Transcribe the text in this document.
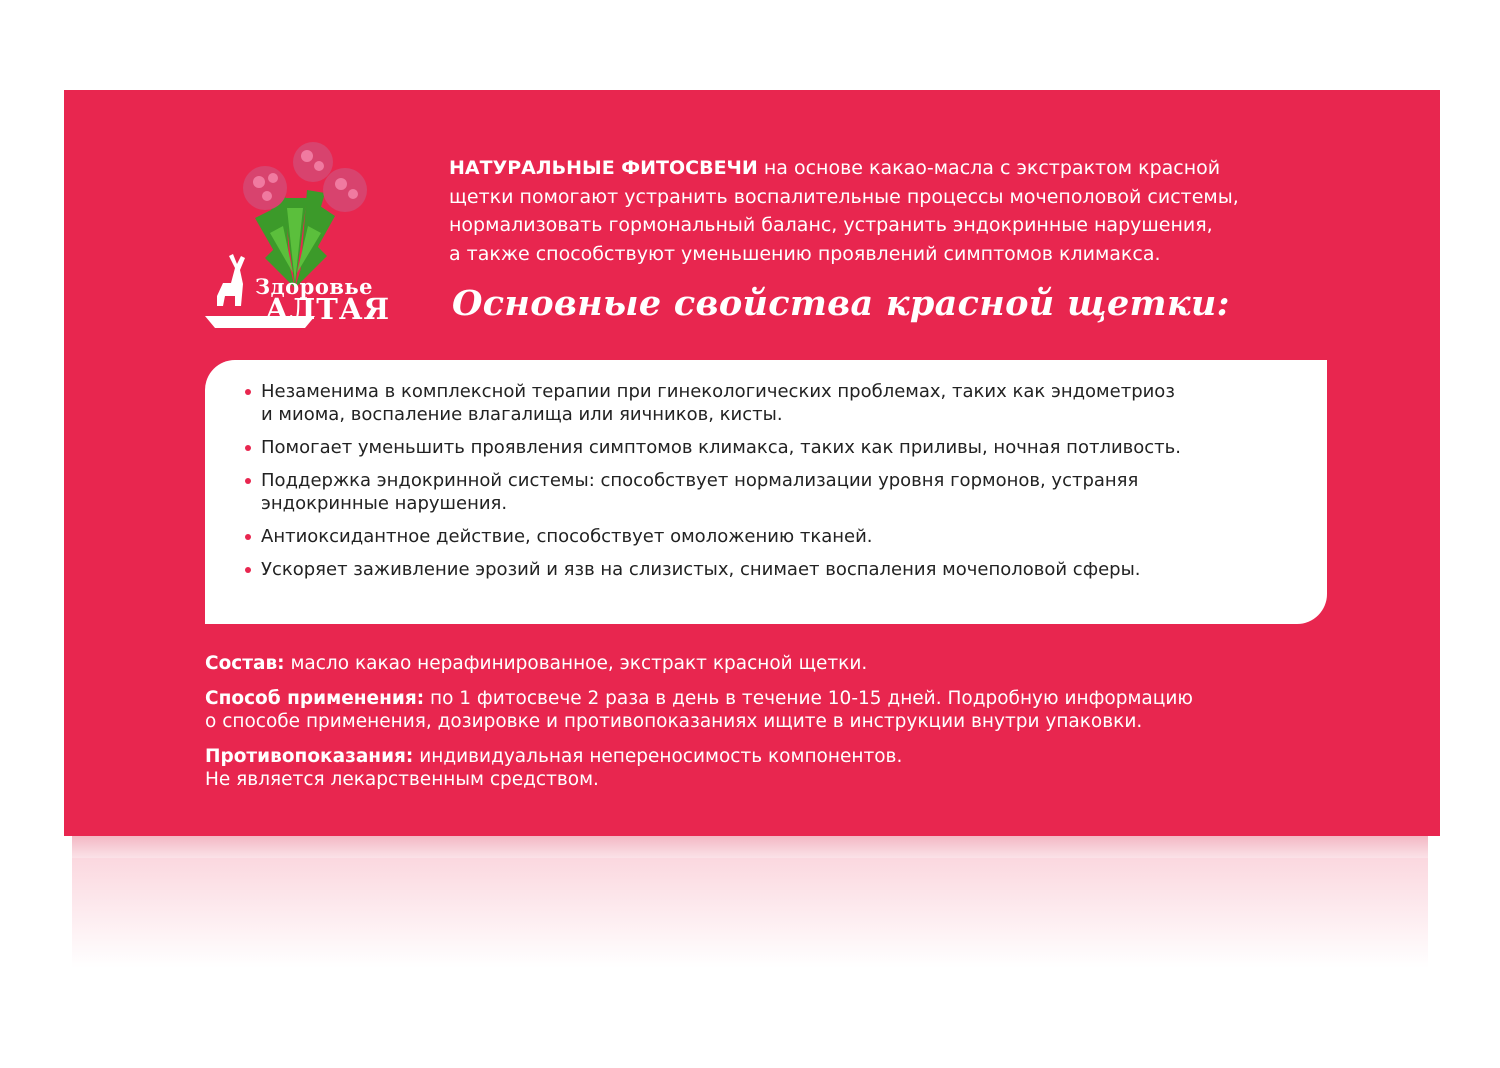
Здоровье
АЛТАЯ
НАТУРАЛЬНЫЕ ФИТОСВЕЧИ на основе какао-масла с экстрактом красной
щетки помогают устранить воспалительные процессы мочеполовой системы,
нормализовать гормональный баланс, устранить эндокринные нарушения,
а также способствуют уменьшению проявлений симптомов климакса.
Основные свойства красной щетки:
Незаменима в комплексной терапии при гинекологических проблемах, таких как эндометриоз
и миома, воспаление влагалища или яичников, кисты.
Помогает уменьшить проявления симптомов климакса, таких как приливы, ночная потливость.
Поддержка эндокринной системы: способствует нормализации уровня гормонов, устраняя
эндокринные нарушения.
Антиоксидантное действие, способствует омоложению тканей.
Ускоряет заживление эрозий и язв на слизистых, снимает воспаления мочеполовой сферы.

Состав: масло какао нерафинированное, экстракт красной щетки.

Способ применения: по 1 фитосвече 2 раза в день в течение 10-15 дней. Подробную информацию
о способе применения, дозировке и противопоказаниях ищите в инструкции внутри упаковки.

Противопоказания: индивидуальная непереносимость компонентов.
Не является лекарственным средством.
